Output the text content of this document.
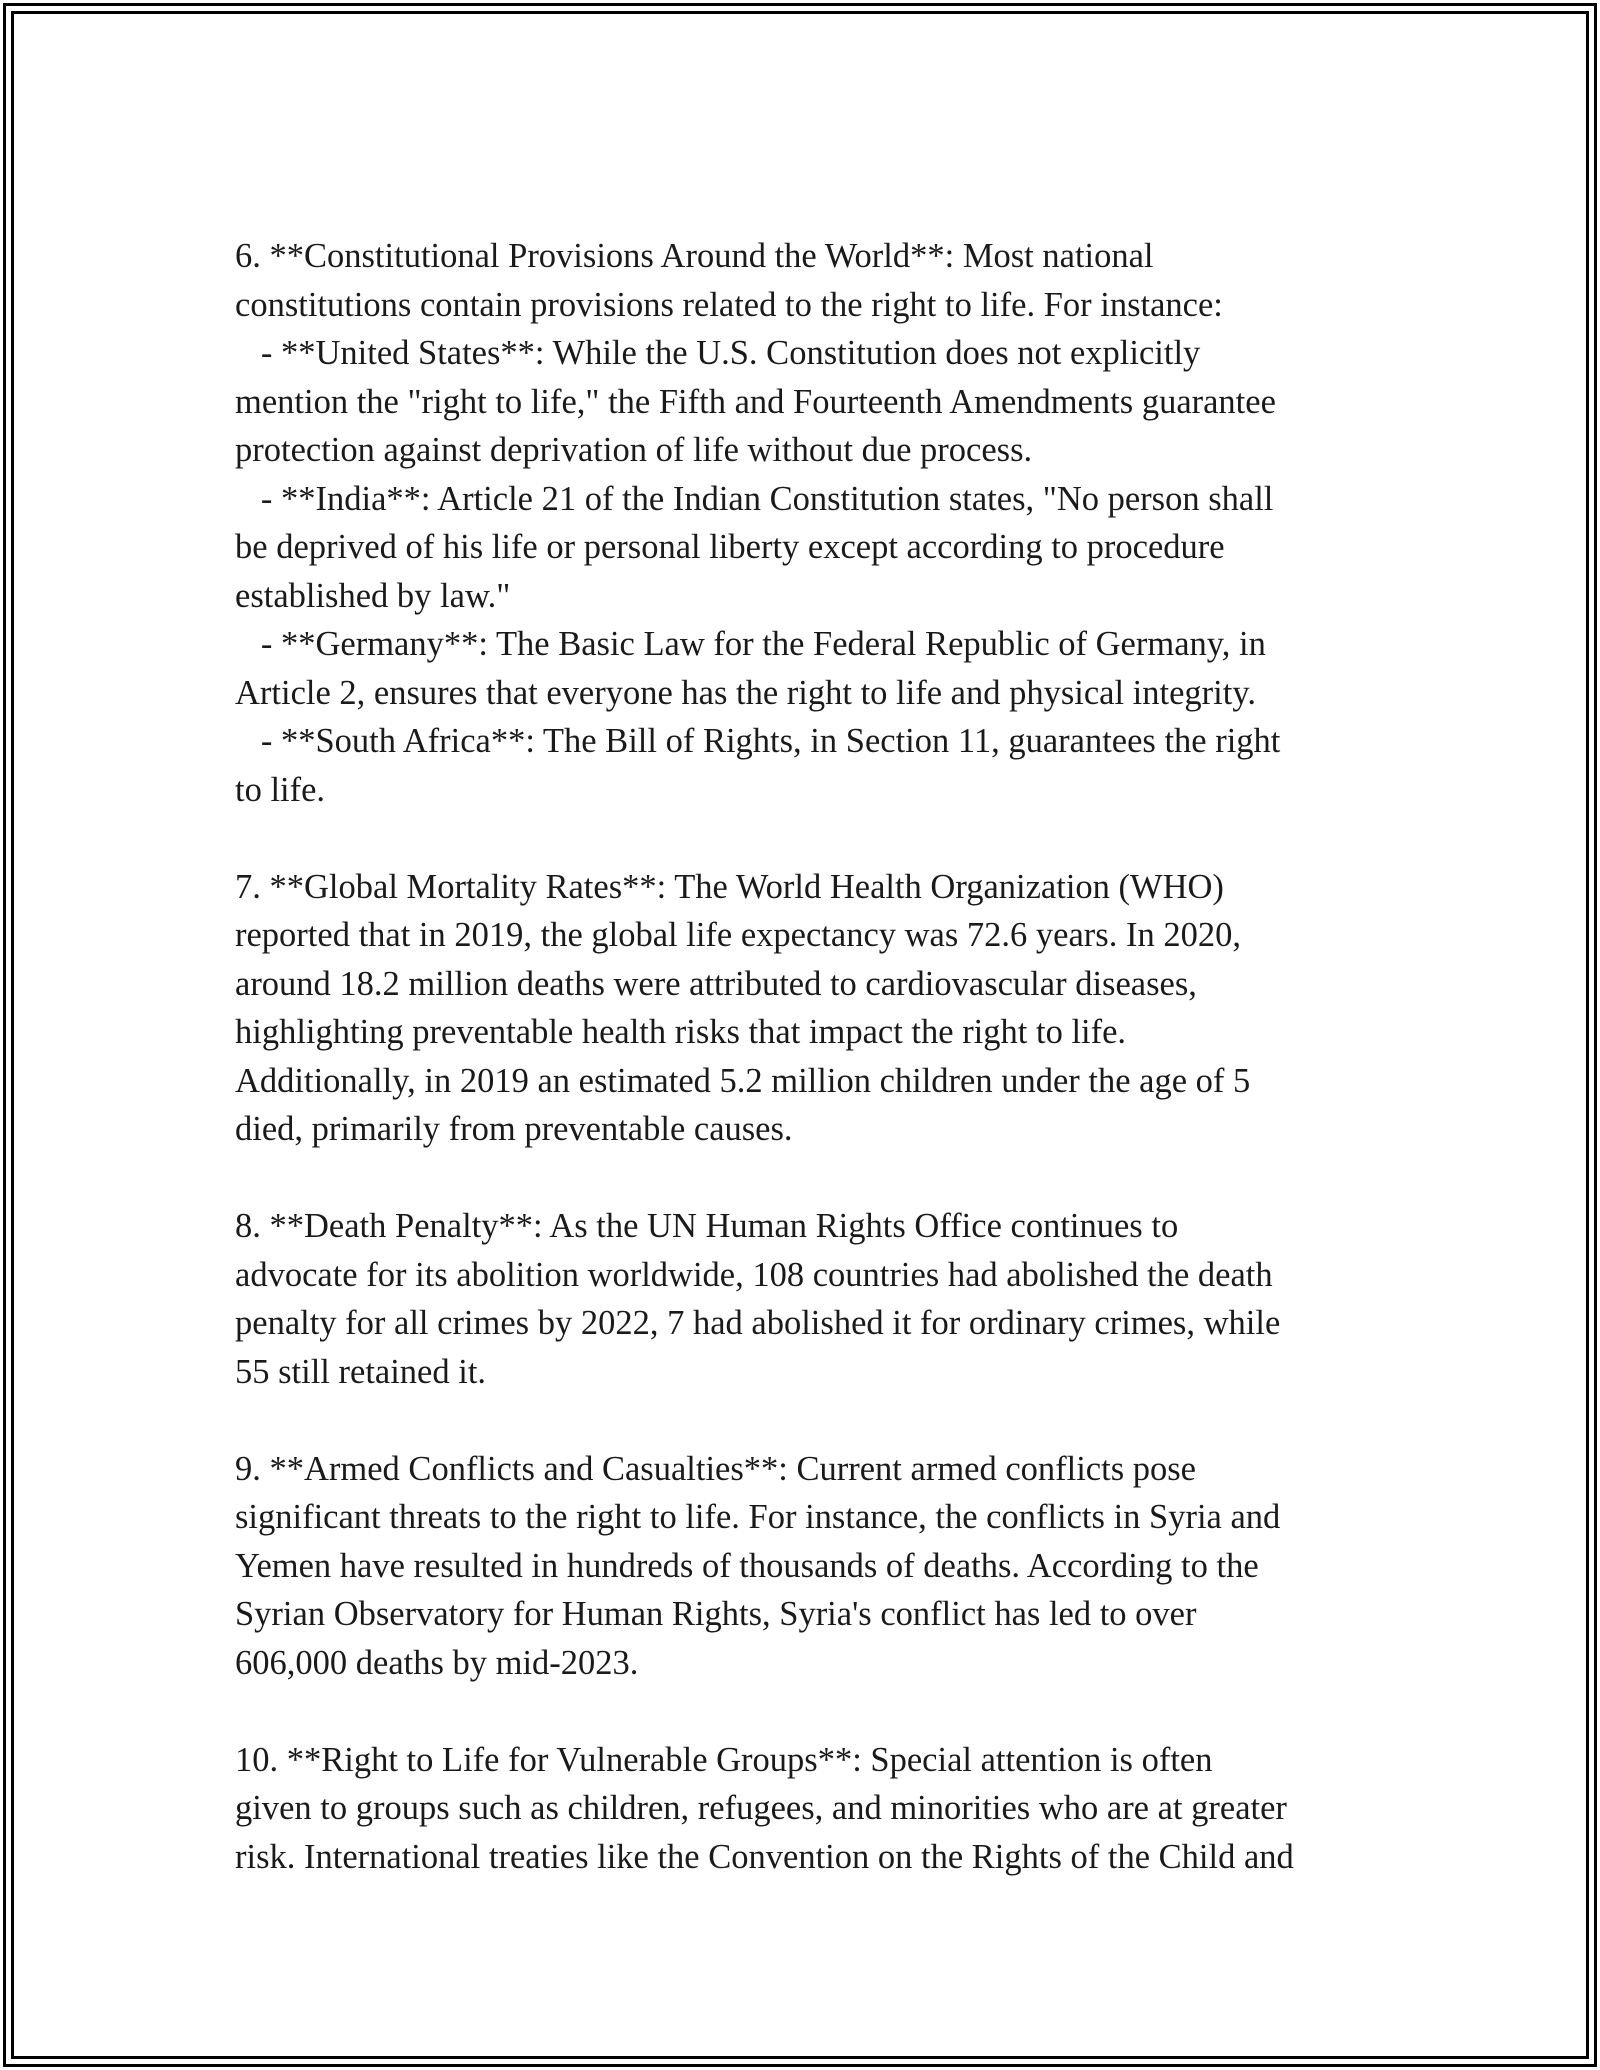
6. **Constitutional Provisions Around the World**: Most national
constitutions contain provisions related to the right to life. For instance:
- **United States**: While the U.S. Constitution does not explicitly
mention the "right to life," the Fifth and Fourteenth Amendments guarantee
protection against deprivation of life without due process.
- **India**: Article 21 of the Indian Constitution states, "No person shall
be deprived of his life or personal liberty except according to procedure
established by law."
- **Germany**: The Basic Law for the Federal Republic of Germany, in
Article 2, ensures that everyone has the right to life and physical integrity.
- **South Africa**: The Bill of Rights, in Section 11, guarantees the right
to life.
7. **Global Mortality Rates**: The World Health Organization (WHO)
reported that in 2019, the global life expectancy was 72.6 years. In 2020,
around 18.2 million deaths were attributed to cardiovascular diseases,
highlighting preventable health risks that impact the right to life.
Additionally, in 2019 an estimated 5.2 million children under the age of 5
died, primarily from preventable causes.
8. **Death Penalty**: As the UN Human Rights Office continues to
advocate for its abolition worldwide, 108 countries had abolished the death
penalty for all crimes by 2022, 7 had abolished it for ordinary crimes, while
55 still retained it.
9. **Armed Conflicts and Casualties**: Current armed conflicts pose
significant threats to the right to life. For instance, the conflicts in Syria and
Yemen have resulted in hundreds of thousands of deaths. According to the
Syrian Observatory for Human Rights, Syria's conflict has led to over
606,000 deaths by mid-2023.
10. **Right to Life for Vulnerable Groups**: Special attention is often
given to groups such as children, refugees, and minorities who are at greater
risk. International treaties like the Convention on the Rights of the Child and
